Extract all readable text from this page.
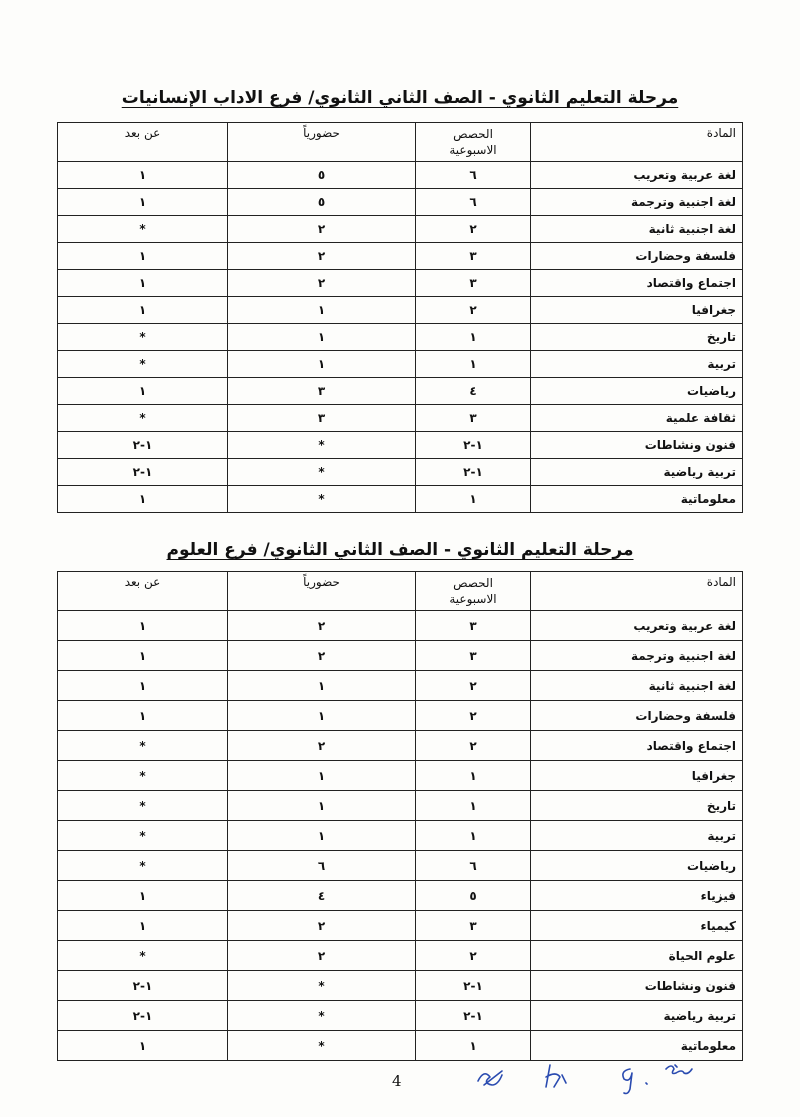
مرحلة التعليم الثانوي - الصف الثاني الثانوي/ فرع الاداب الإنسانيات
المادة	الحصص
الاسبوعية	حضورياً	عن بعد
لغة عربية وتعريب	٦	٥	١
لغة اجنبية وترجمة	٦	٥	١
لغة اجنبية ثانية	٢	٢	*
فلسفة وحضارات	٣	٢	١
اجتماع واقتصاد	٣	٢	١
جغرافيا	٢	١	١
تاريخ	١	١	*
تربية	١	١	*
رياضيات	٤	٣	١
ثقافة علمية	٣	٣	*
فنون ونشاطات	١-٢	*	١-٢
تربية رياضية	١-٢	*	١-٢
معلوماتية	١	*	١
مرحلة التعليم الثانوي - الصف الثاني الثانوي/ فرع العلوم
المادة	الحصص
الاسبوعية	حضورياً	عن بعد
لغة عربية وتعريب	٣	٢	١
لغة اجنبية وترجمة	٣	٢	١
لغة اجنبية ثانية	٢	١	١
فلسفة وحضارات	٢	١	١
اجتماع واقتصاد	٢	٢	*
جغرافيا	١	١	*
تاريخ	١	١	*
تربية	١	١	*
رياضيات	٦	٦	*
فيزياء	٥	٤	١
كيمياء	٣	٢	١
علوم الحياة	٢	٢	*
فنون ونشاطات	١-٢	*	١-٢
تربية رياضية	١-٢	*	١-٢
معلوماتية	١	*	١
4
